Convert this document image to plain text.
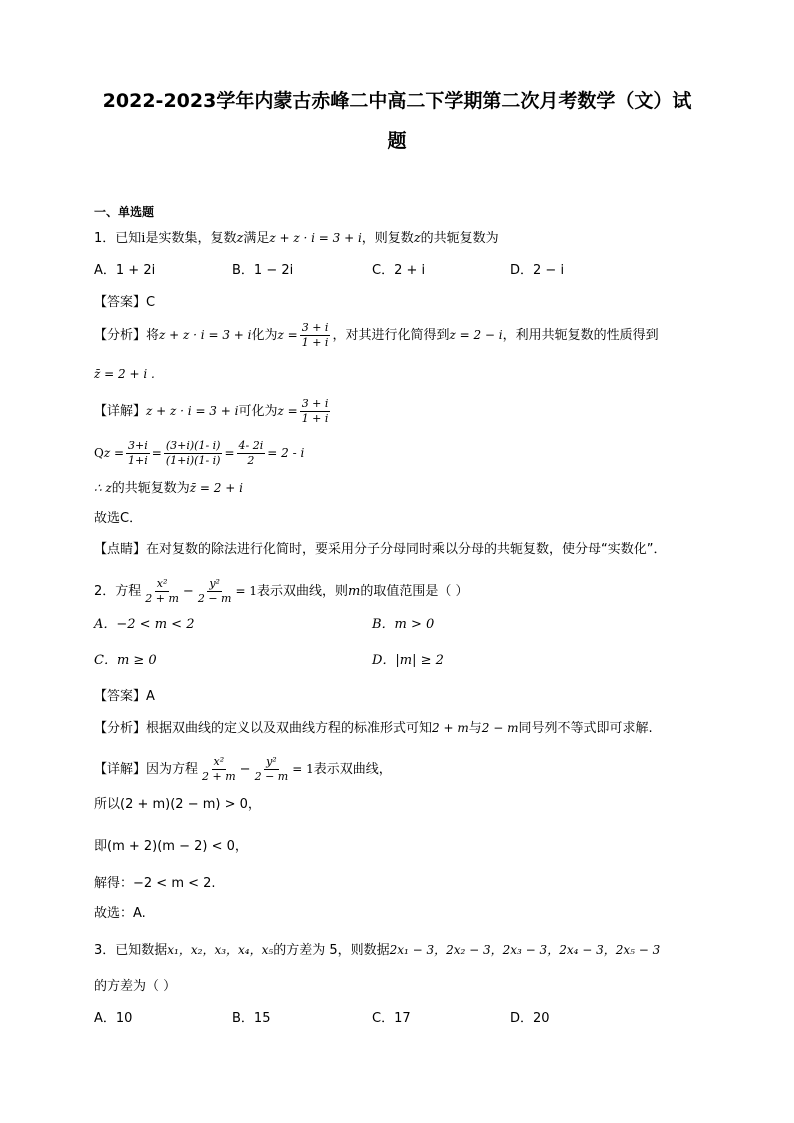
2022-2023学年内蒙古赤峰二中高二下学期第二次月考数学（文）试
题
一、单选题
1．已知i是实数集，复数z满足z + z · i = 3 + i，则复数z的共轭复数为
A．1 + 2i	B．1 − 2i	C．2 + i	D．2 − i
【答案】C
【分析】将z + z · i = 3 + i化为$z = \frac{3 + i}{1 + i}$ ，对其进行化简得到z = 2 − i，利用共轭复数的性质得到
z̄ = 2 + i .
【详解】z + z · i = 3 + i可化为$z = \frac{3 + i}{1 + i}$
$Qz = \frac{3+i}{1+i} = \frac{(3+i)(1- i)}{(1+i)(1- i)} = \frac{4- 2i}{2} = 2 - i$
∴ z的共轭复数为z̄ = 2 + i
故选C．
【点睛】在对复数的除法进行化简时，要采用分子分母同时乘以分母的共轭复数，使分母“实数化”．
2．方程 $\frac{\text{x²}}{2 + m} - \frac{\text{y²}}{2 - m} = 1$表示双曲线，则m的取值范围是（ ）
A．−2 < m < 2	B．m > 0
C．m ≥ 0	D．|m| ≥ 2
【答案】A
【分析】根据双曲线的定义以及双曲线方程的标准形式可知2 + m与2 − m同号列不等式即可求解.
【详解】因为方程 $\frac{\text{x²}}{2 + m} - \frac{\text{y²}}{2 - m} = 1$表示双曲线，
所以(2 + m)(2 − m) > 0，
即(m + 2)(m − 2) < 0，
解得：−2 < m < 2.
故选：A.
3．已知数据x₁，x₂，x₃，x₄，x₅的方差为 5，则数据2x₁ − 3，2x₂ − 3，2x₃ − 3，2x₄ − 3，2x₅ − 3
的方差为（ ）
A．10	B．15	C．17	D．20
